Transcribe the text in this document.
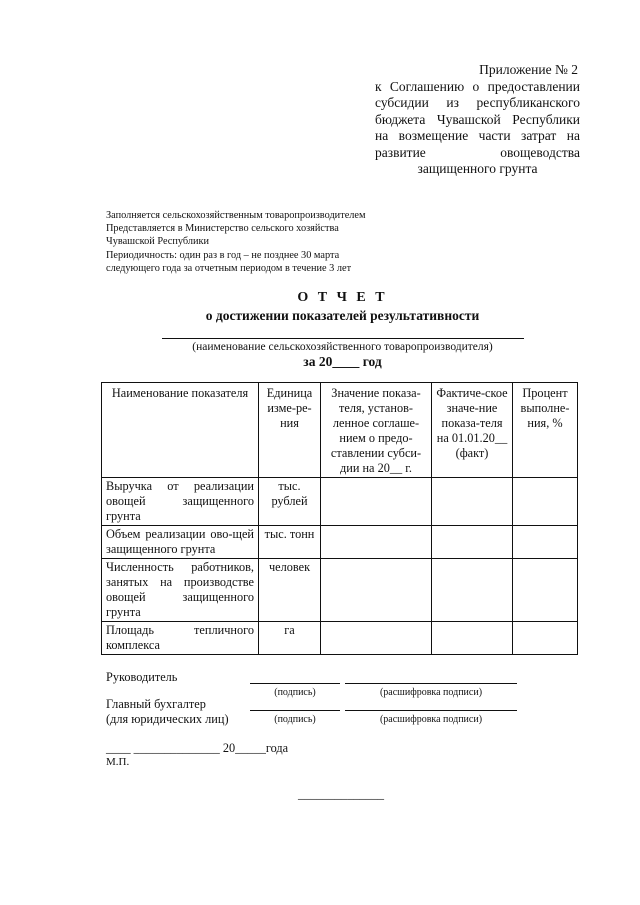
Приложение № 2
к Соглашению о предоставлении субсидии из республиканского бюджета Чувашской Республики на возмещение части затрат на развитие овощеводства защищенного грунта
Заполняется сельскохозяйственным товаропроизводителем
Представляется в Министерство сельского хозяйства
Чувашской Республики
Периодичность: один раз в год – не позднее 30 марта
следующего года за отчетным периодом в течение 3 лет
О Т Ч Е Т
о достижении показателей результативности
(наименование сельскохозяйственного товаропроизводителя)
за 20____ год
Наименование показателя	Единица изме-ре-ния	Значение показа-теля, установ-ленное соглаше-нием о предо-ставлении субси-дии на 20__ г.	Фактиче-ское значе-ние показа-теля на 01.01.20__ (факт)	Процент выполне-ния, %
Выручка от реализации овощей защищенного грунта	тыс. рублей			
Объем реализации ово-щей защищенного грунта	тыс. тонн			
Численность работников, занятых на производстве овощей защищенного грунта	человек			
Площадь тепличного комплекса	га			
Руководитель
(подпись)	(расшифровка подписи)
Главный бухгалтер
(для юридических лиц)	(подпись)	(расшифровка подписи)
____ ______________ 20_____года
М.П.
______________
